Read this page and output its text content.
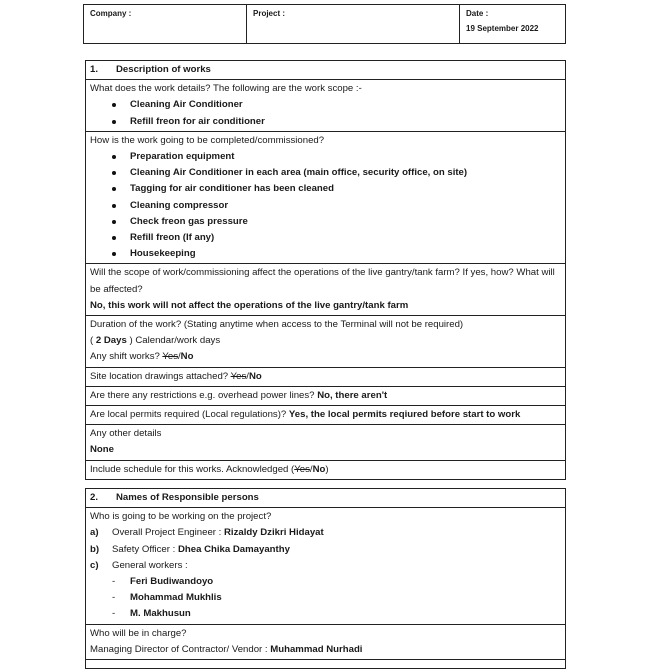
Company :	Project :	Date :
19 September 2022
1. Description of works

What does the work details? The following are the work scope :-
Cleaning Air Conditioner
Refill freon for air conditioner

How is the work going to be completed/commissioned?
Preparation equipment
Cleaning Air Conditioner in each area (main office, security office, on site)
Tagging for air conditioner has been cleaned
Cleaning compressor
Check freon gas pressure
Refill freon (If any)
Housekeeping

Will the scope of work/commissioning affect the operations of the live gantry/tank farm? If yes, how? What will be affected?
No, this work will not affect the operations of the live gantry/tank farm

Duration of the work? (Stating anytime when access to the Terminal will not be required)
( 2 Days ) Calendar/work days
Any shift works? Yes/No

Site location drawings attached? Yes/No
Are there any restrictions e.g. overhead power lines? No, there aren't
Are local permits required (Local regulations)? Yes, the local permits reqiured before start to work

Any other details
None

Include schedule for this works. Acknowledged (Yes/No)
2. Names of Responsible persons

Who is going to be working on the project?
a) Overall Project Engineer : Rizaldy Dzikri Hidayat
b) Safety Officer : Dhea Chika Damayanthy
c) General workers :
- Feri Budiwandoyo
- Mohammad Mukhlis
- M. Makhusun

Who will be in charge?
Managing Director of Contractor/ Vendor : Muhammad Nurhadi
